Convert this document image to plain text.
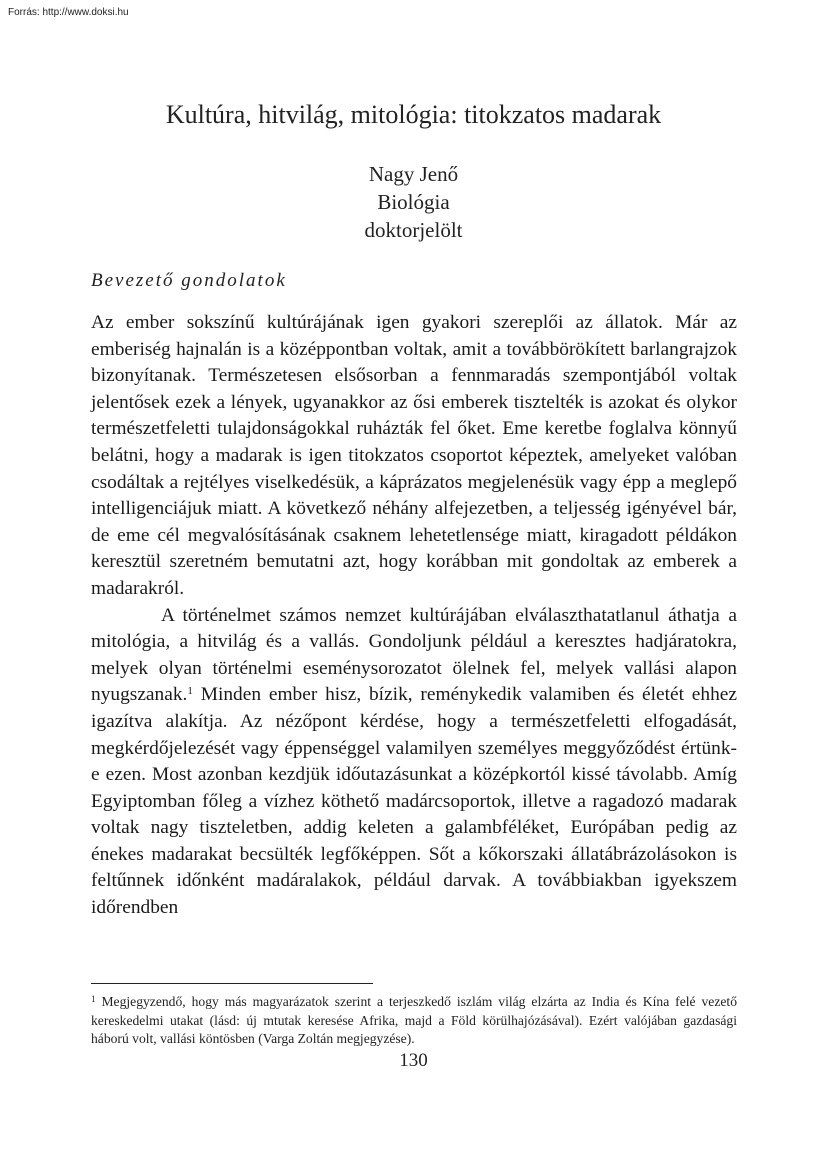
Forrás: http://www.doksi.hu
Kultúra, hitvilág, mitológia: titokzatos madarak
Nagy Jenő
Biológia
doktorjelölt
Bevezető gondolatok

Az ember sokszínű kultúrájának igen gyakori szereplői az állatok. Már az emberiség hajnalán is a középpontban voltak, amit a továbbörökített barlangrajzok bizonyítanak. Természetesen elsősorban a fennmaradás szempontjából voltak jelentősek ezek a lények, ugyanakkor az ősi emberek tisztelték is azokat és olykor természetfeletti tulajdonságokkal ruházták fel őket. Eme keretbe foglalva könnyű belátni, hogy a madarak is igen titokzatos csoportot képeztek, amelyeket valóban csodáltak a rejtélyes viselkedésük, a káprázatos megjelenésük vagy épp a meglepő intelligenciájuk miatt. A következő néhány alfejezetben, a teljesség igényével bár, de eme cél megvalósításának csaknem lehetetlensége miatt, kiragadott példákon keresztül szeretném bemutatni azt, hogy korábban mit gondoltak az emberek a madarakról.

A történelmet számos nemzet kultúrájában elválaszthatatlanul áthatja a mitológia, a hitvilág és a vallás. Gondoljunk például a keresztes hadjáratokra, melyek olyan történelmi eseménysorozatot ölelnek fel, melyek vallási alapon nyugszanak.$^1$ Minden ember hisz, bízik, reménykedik valamiben és életét ehhez igazítva alakítja. Az nézőpont kérdése, hogy a természetfeletti elfogadását, megkérdőjelezését vagy éppenséggel valamilyen személyes meggyőződést értünk-e ezen. Most azonban kezdjük időutazásunkat a középkortól kissé távolabb. Amíg Egyiptomban főleg a vízhez köthető madárcsoportok, illetve a ragadozó madarak voltak nagy tiszteletben, addig keleten a galambféléket, Európában pedig az énekes madarakat becsülték legfőképpen. Sőt a kőkorszaki állatábrázolásokon is feltűnnek időnként madáralakok, például darvak. A továbbiakban igyekszem időrendben

$^1$ Megjegyzendő, hogy más magyarázatok szerint a terjeszkedő iszlám világ elzárta az India és Kína felé vezető kereskedelmi utakat (lásd: új mtutak keresése Afrika, majd a Föld körülhajózásával). Ezért valójában gazdasági háború volt, vallási köntösben (Varga Zoltán megjegyzése).
130
